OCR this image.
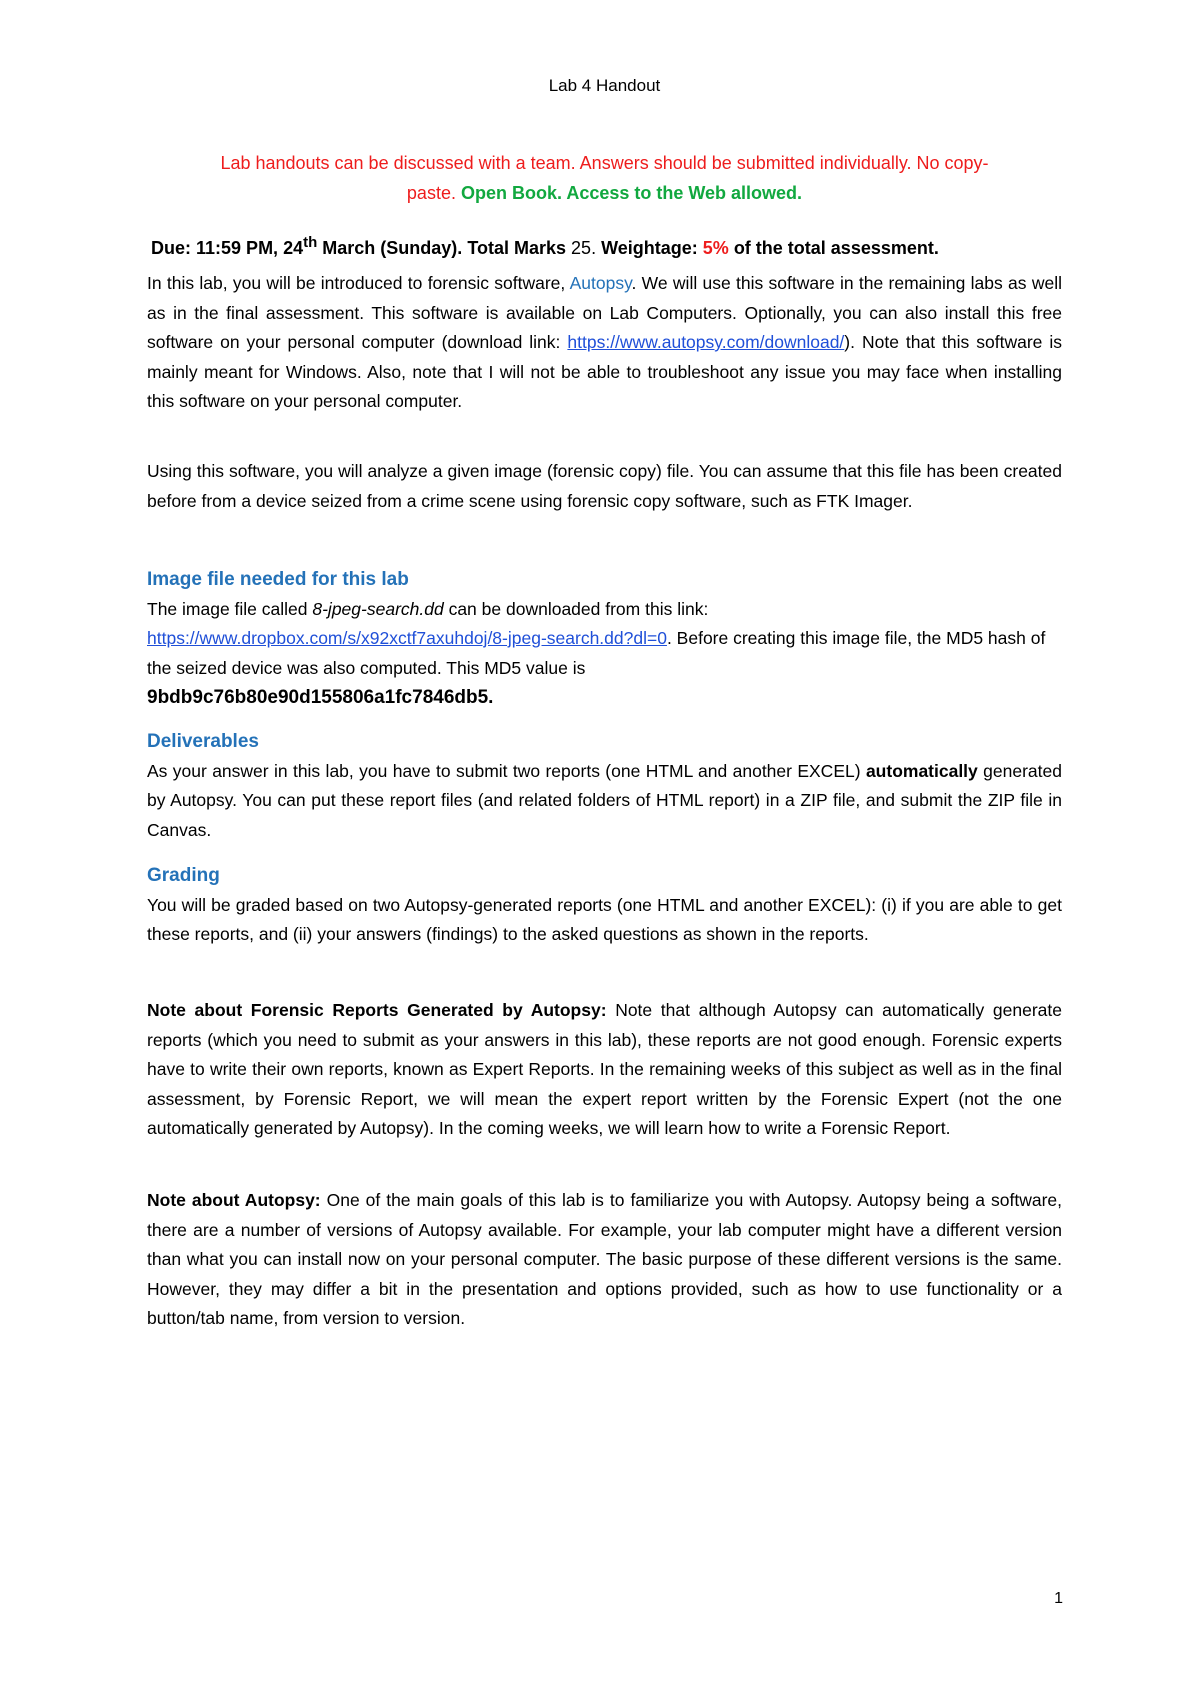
Lab 4 Handout

Lab handouts can be discussed with a team. Answers should be submitted individually. No copy-
paste. Open Book. Access to the Web allowed.

Due: 11:59 PM, 24th March (Sunday). Total Marks 25. Weightage: 5% of the total assessment.

In this lab, you will be introduced to forensic software, Autopsy. We will use this software in the remaining labs as well as in the final assessment. This software is available on Lab Computers. Optionally, you can also install this free software on your personal computer (download link: https://www.autopsy.com/download/). Note that this software is mainly meant for Windows. Also, note that I will not be able to troubleshoot any issue you may face when installing this software on your personal computer.

Using this software, you will analyze a given image (forensic copy) file. You can assume that this file has been created before from a device seized from a crime scene using forensic copy software, such as FTK Imager.

Image file needed for this lab
The image file called 8-jpeg-search.dd can be downloaded from this link:
https://www.dropbox.com/s/x92xctf7axuhdoj/8-jpeg-search.dd?dl=0. Before creating this image file, the MD5 hash of the seized device was also computed. This MD5 value is
9bdb9c76b80e90d155806a1fc7846db5.
Deliverables
As your answer in this lab, you have to submit two reports (one HTML and another EXCEL) automatically generated by Autopsy. You can put these report files (and related folders of HTML report) in a ZIP file, and submit the ZIP file in Canvas.
Grading
You will be graded based on two Autopsy-generated reports (one HTML and another EXCEL): (i) if you are able to get these reports, and (ii) your answers (findings) to the asked questions as shown in the reports.

Note about Forensic Reports Generated by Autopsy: Note that although Autopsy can automatically generate reports (which you need to submit as your answers in this lab), these reports are not good enough. Forensic experts have to write their own reports, known as Expert Reports. In the remaining weeks of this subject as well as in the final assessment, by Forensic Report, we will mean the expert report written by the Forensic Expert (not the one automatically generated by Autopsy). In the coming weeks, we will learn how to write a Forensic Report.

Note about Autopsy: One of the main goals of this lab is to familiarize you with Autopsy. Autopsy being a software, there are a number of versions of Autopsy available. For example, your lab computer might have a different version than what you can install now on your personal computer. The basic purpose of these different versions is the same. However, they may differ a bit in the presentation and options provided, such as how to use functionality or a button/tab name, from version to version.

1
